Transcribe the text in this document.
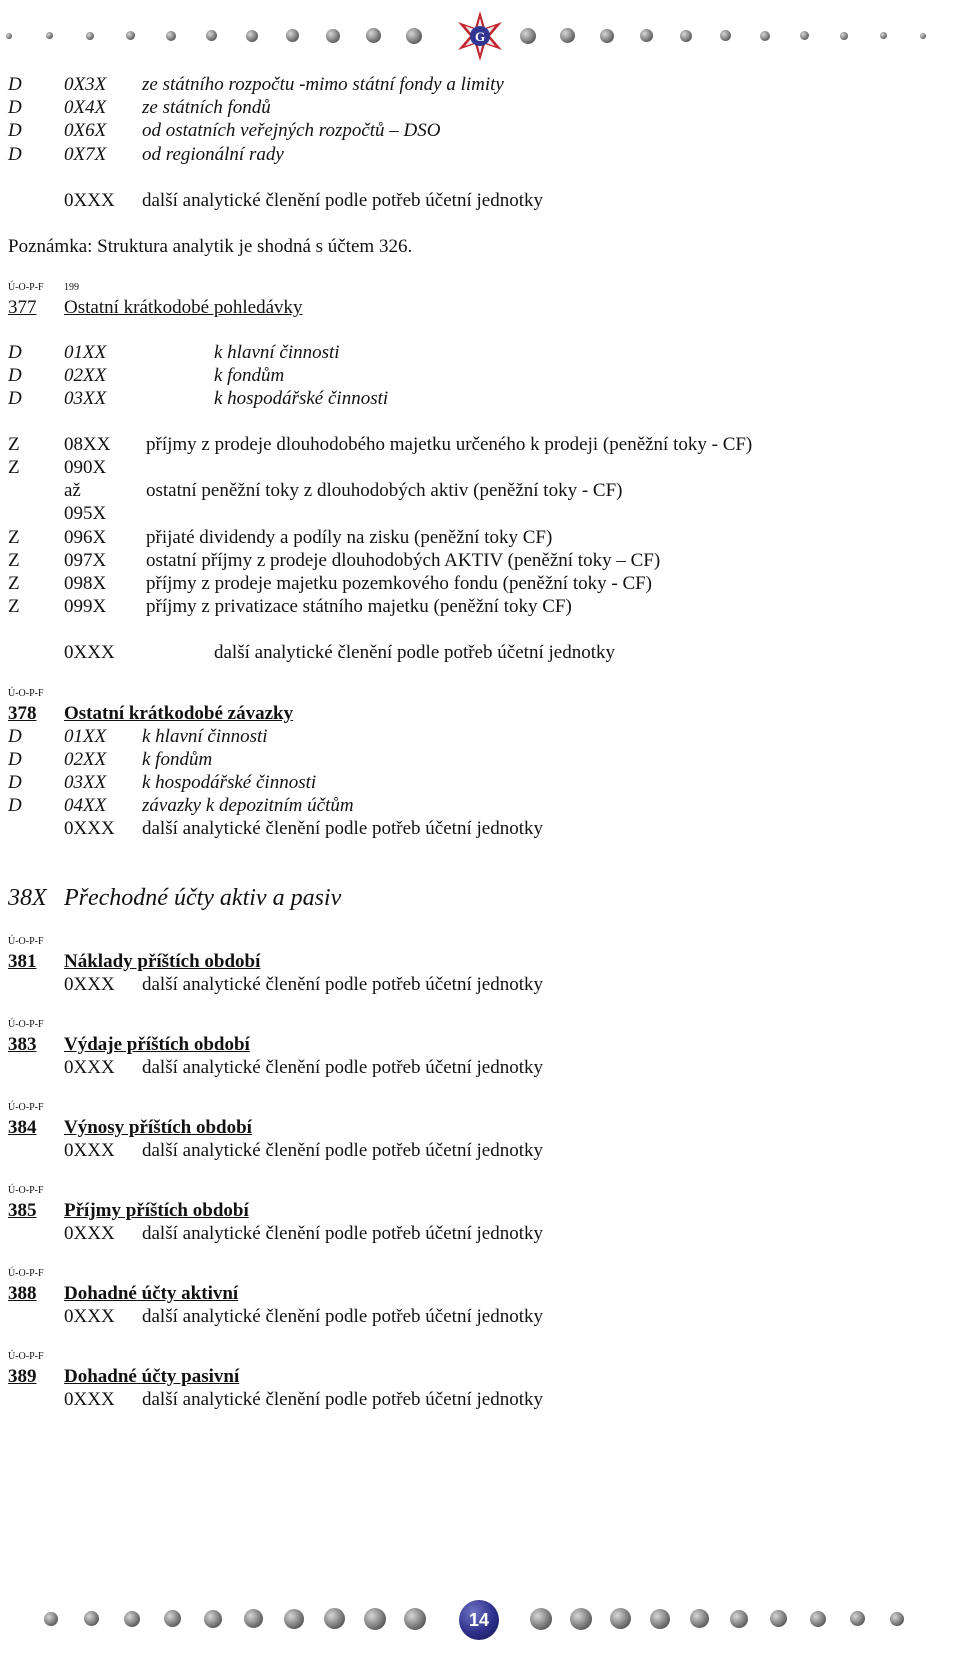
G
D 0X3X ze státního rozpočtu -mimo státní fondy a limity
D 0X4X ze státních fondů
D 0X6X od ostatních veřejných rozpočtů – DSO
D 0X7X od regionální rady
0XXX další analytické členění podle potřeb účetní jednotky
Poznámka: Struktura analytik je shodná s účtem 326.
Ú-O-P-F 199
377 Ostatní krátkodobé pohledávky
D 01XX	k hlavní činnosti
D 02XX	k fondům
D 03XX	k hospodářské činnosti
Z 08XX příjmy z prodeje dlouhodobého majetku určeného k prodeji (peněžní toky - CF)
Z 090X
až	ostatní peněžní toky z dlouhodobých aktiv (peněžní toky - CF)
095X
Z 096X přijaté dividendy a podíly na zisku (peněžní toky CF)
Z 097X ostatní příjmy z prodeje dlouhodobých AKTIV (peněžní toky – CF)
Z 098X příjmy z prodeje majetku pozemkového fondu (peněžní toky - CF)
Z 099X příjmy z privatizace státního majetku (peněžní toky CF)
0XXX	další analytické členění podle potřeb účetní jednotky
Ú-O-P-F
378 Ostatní krátkodobé závazky
D 01XX k hlavní činnosti
D 02XX k fondům
D 03XX k hospodářské činnosti
D 04XX závazky k depozitním účtům
0XXX další analytické členění podle potřeb účetní jednotky
38X Přechodné účty aktiv a pasiv
Ú-O-P-F
381 Náklady příštích období
0XXX další analytické členění podle potřeb účetní jednotky
Ú-O-P-F
383 Výdaje příštích období
0XXX další analytické členění podle potřeb účetní jednotky
Ú-O-P-F
384 Výnosy příštích období
0XXX další analytické členění podle potřeb účetní jednotky
Ú-O-P-F
385 Příjmy příštích období
0XXX další analytické členění podle potřeb účetní jednotky
Ú-O-P-F
388 Dohadné účty aktivní
0XXX další analytické členění podle potřeb účetní jednotky
Ú-O-P-F
389 Dohadné účty pasivní
0XXX další analytické členění podle potřeb účetní jednotky
14
